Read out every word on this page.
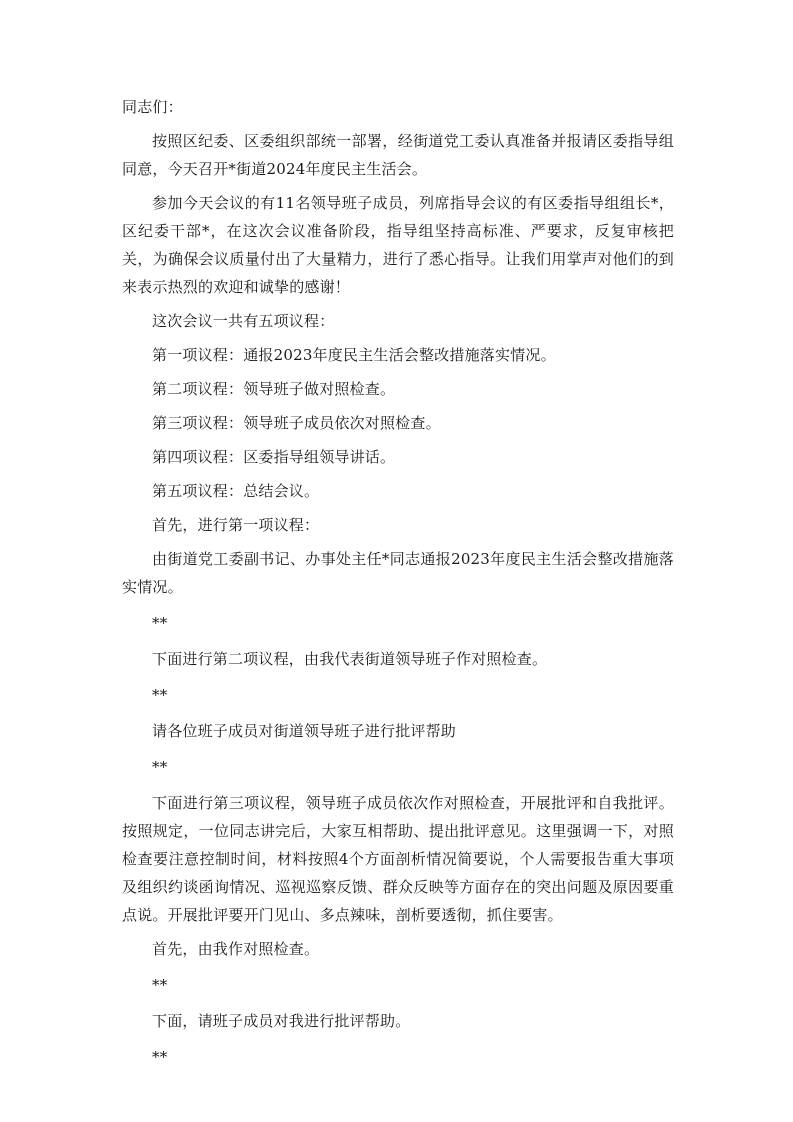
同志们：

按照区纪委、区委组织部统一部署，经街道党工委认真准备并报请区委指导组同意，今天召开*街道2024年度民主生活会。

参加今天会议的有11名领导班子成员，列席指导会议的有区委指导组组长*，区纪委干部*，在这次会议准备阶段，指导组坚持高标准、严要求，反复审核把关，为确保会议质量付出了大量精力，进行了悉心指导。让我们用掌声对他们的到来表示热烈的欢迎和诚挚的感谢！

这次会议一共有五项议程：

第一项议程：通报2023年度民主生活会整改措施落实情况。

第二项议程：领导班子做对照检查。

第三项议程：领导班子成员依次对照检查。

第四项议程：区委指导组领导讲话。

第五项议程：总结会议。

首先，进行第一项议程：

由街道党工委副书记、办事处主任*同志通报2023年度民主生活会整改措施落实情况。

**

下面进行第二项议程，由我代表街道领导班子作对照检查。

**

请各位班子成员对街道领导班子进行批评帮助

**

下面进行第三项议程，领导班子成员依次作对照检查，开展批评和自我批评。按照规定，一位同志讲完后，大家互相帮助、提出批评意见。这里强调一下，对照检查要注意控制时间，材料按照4个方面剖析情况简要说，个人需要报告重大事项及组织约谈函询情况、巡视巡察反馈、群众反映等方面存在的突出问题及原因要重点说。开展批评要开门见山、多点辣味，剖析要透彻，抓住要害。

首先，由我作对照检查。

**

下面，请班子成员对我进行批评帮助。

**
